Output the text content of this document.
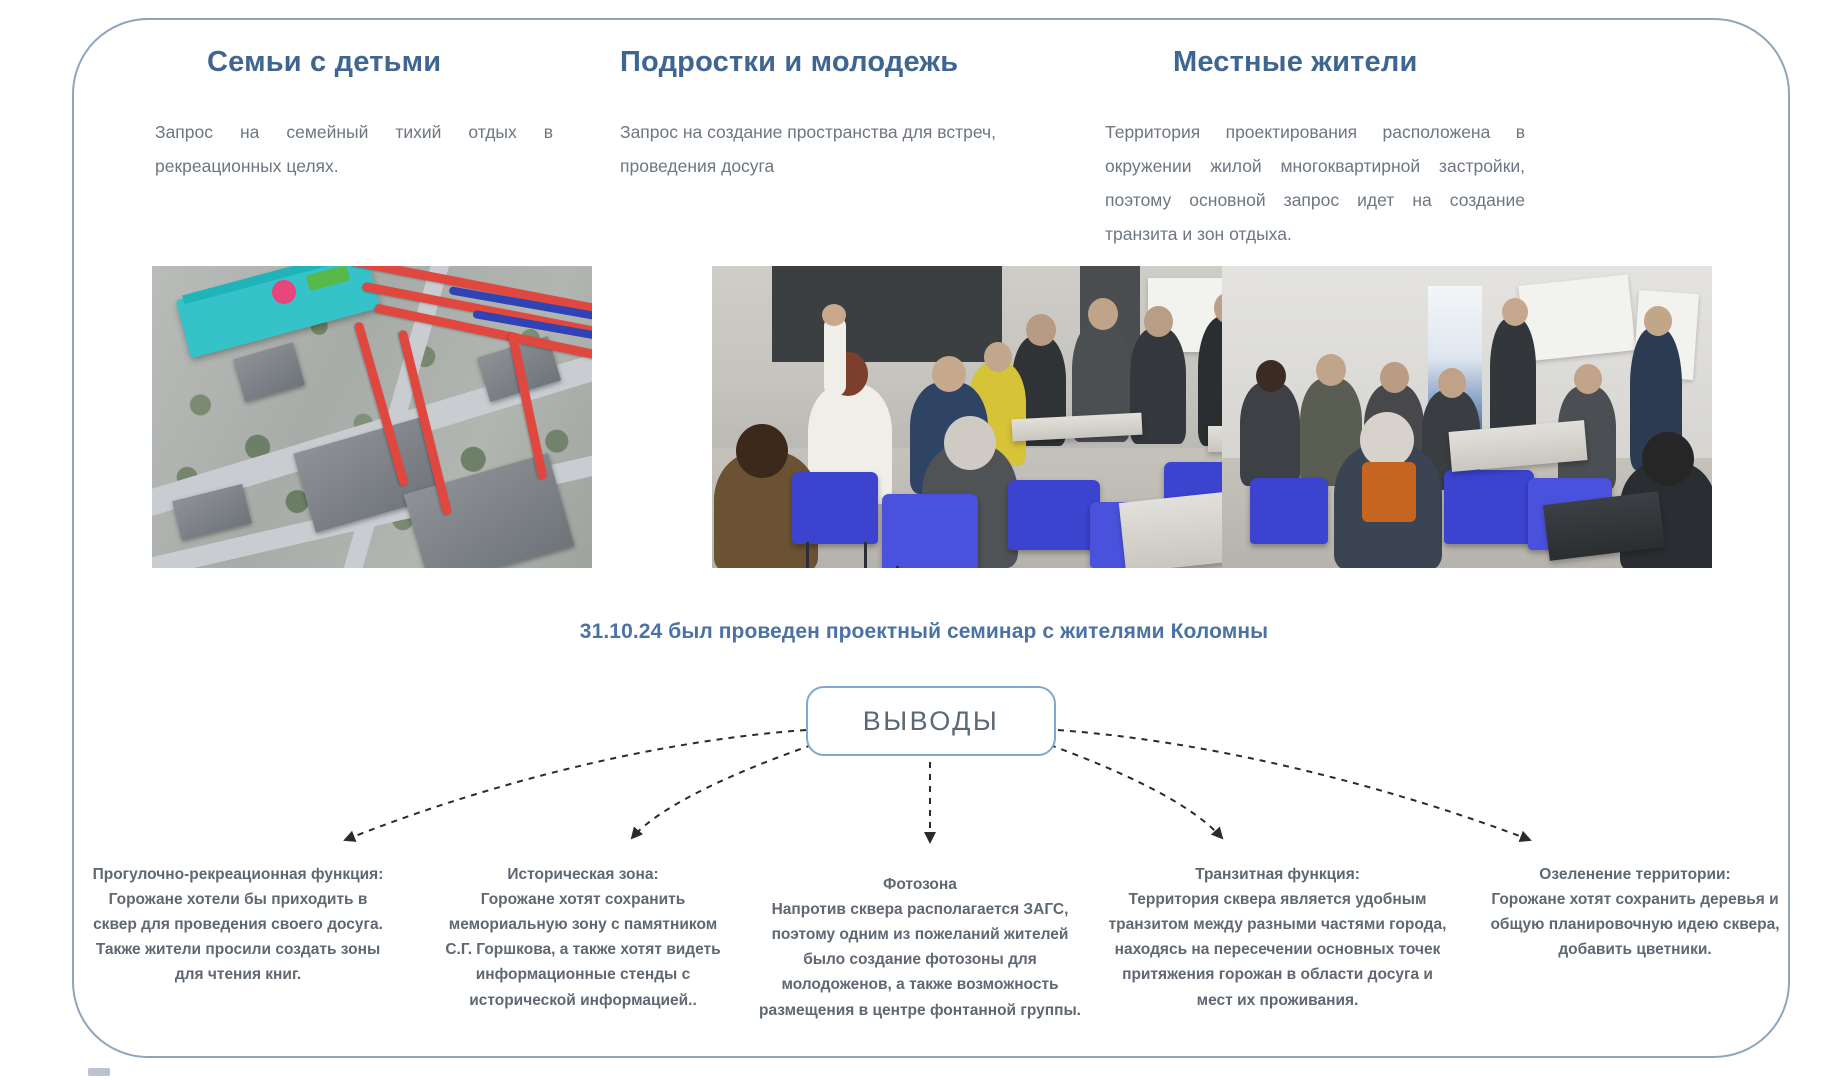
Семьи с детьми
Запрос на семейный тихий отдых в рекреационных целях.
Подростки и молодежь
Запрос на создание пространства для встреч, проведения досуга
Местные жители
Территория проектирования расположена в окружении жилой многоквартирной застройки, поэтому основной запрос идет на создание транзита и зон отдыха.
31.10.24 был проведен проектный семинар с жителями Коломны
ВЫВОДЫ
Прогулочно-рекреационная функция:
Горожане хотели бы приходить в сквер для проведения своего досуга. Также жители просили создать зоны для чтения книг.
Историческая зона:
Горожане хотят сохранить мемориальную зону с памятником С.Г. Горшкова, а также хотят видеть информационные стенды с исторической информацией..
Фотозона
Напротив сквера располагается ЗАГС, поэтому одним из пожеланий жителей было создание фотозоны для молодоженов, а также возможность размещения в центре фонтанной группы.
Транзитная функция:
Территория сквера является удобным транзитом между разными частями города, находясь на пересечении основных точек притяжения горожан в области досуга и мест их проживания.
Озеленение территории:
Горожане хотят сохранить деревья и общую планировочную идею сквера, добавить цветники.
